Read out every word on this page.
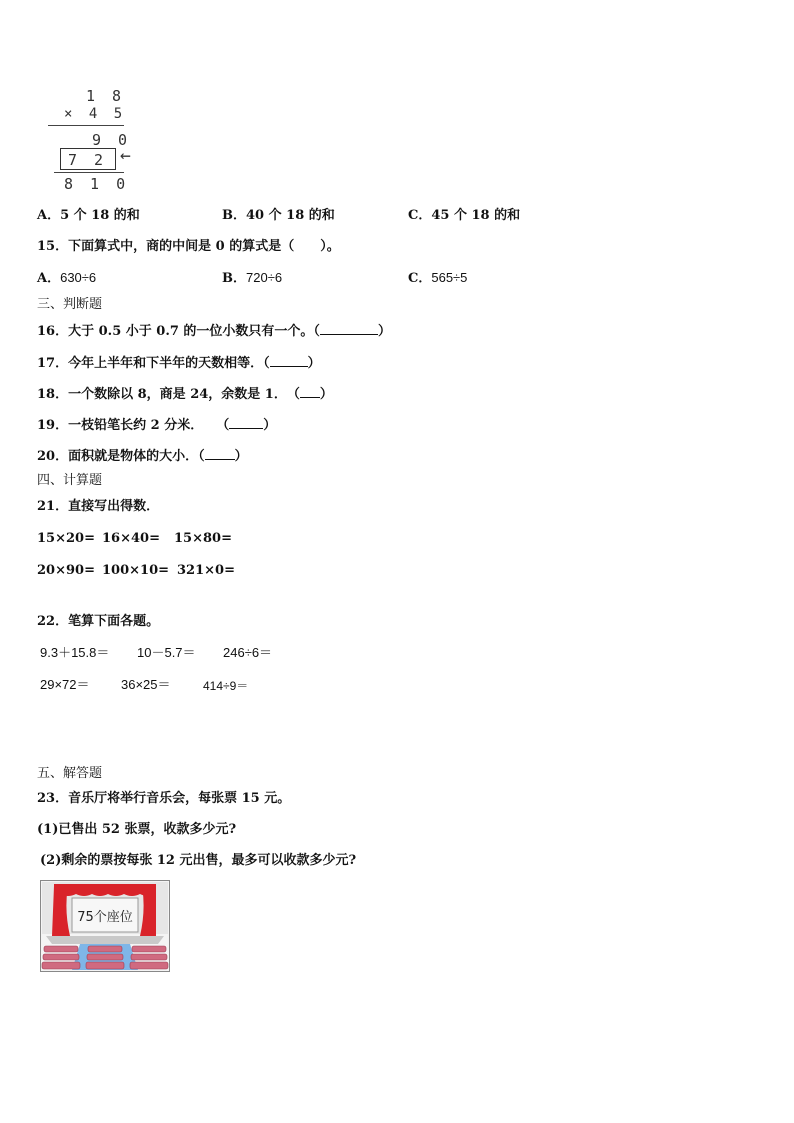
1 8
× 4 5
9 0
7 2 ←
8 1 0
A．5 个 18 的和	B．40 个 18 的和	C．45 个 18 的和
15．下面算式中，商的中间是 0 的算式是（　　）。
A．630÷6	B．720÷6	C．565÷5
三、判断题
16．大于 0.5 小于 0.7 的一位小数只有一个。（	）
17．今年上半年和下半年的天数相等．（	）
18．一个数除以 8，商是 24，余数是 1．　（ ）
19．一枝铅笔长约 2 分米．　　（	）
20．面积就是物体的大小．（ ）
四、计算题
21．直接写出得数．
15×20= 16×40= 15×80=
20×90= 100×10= 321×0=
22．笔算下面各题。
9.3＋15.8＝ 10－5.7＝ 246÷6＝
29×72＝ 36×25＝	414÷9＝
五、解答题
23．音乐厅将举行音乐会，每张票 15 元。
(1)已售出 52 张票，收款多少元?
(2)剩余的票按每张 12 元出售，最多可以收款多少元?
75个座位
